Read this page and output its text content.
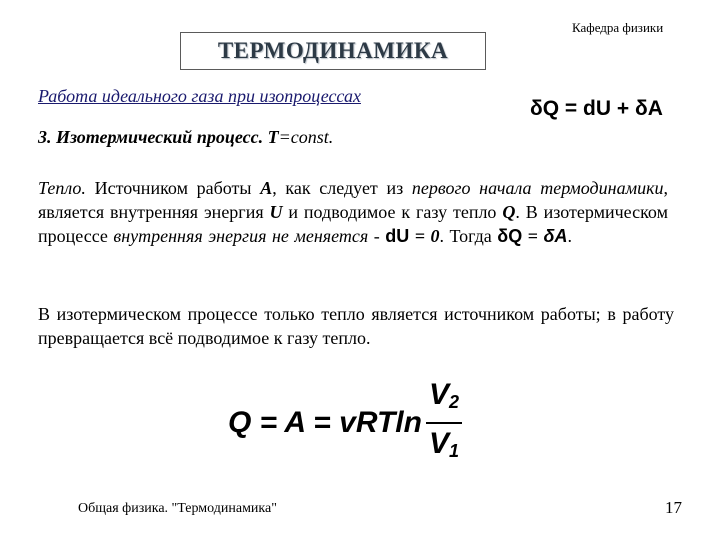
Кафедра физики
ТЕРМОДИНАМИКА
Работа идеального газа при изопроцессах
δQ = dU + δA
3. Изотермический процесс. T=const.
Тепло. Источником работы А, как следует из первого начала термодинамики, является внутренняя энергия U и подводимое к газу тепло Q. В изотермическом процессе внутренняя энергия не меняется - dU = 0. Тогда δQ = δA.
В изотермическом процессе только тепло является источником работы; в работу превращается всё подводимое к газу тепло.
Q = A = vRTln
$V_2$
$V_1$
Общая физика. "Термодинамика"	17
